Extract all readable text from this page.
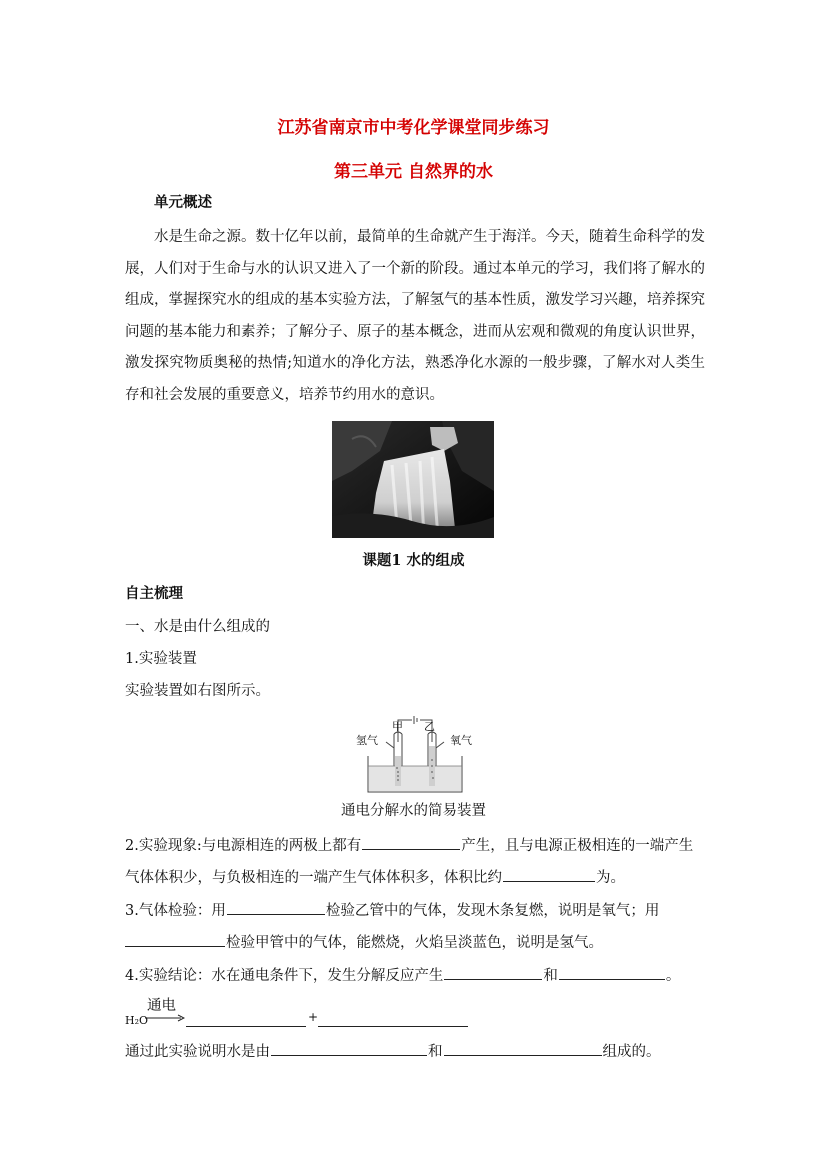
江苏省南京市中考化学课堂同步练习
第三单元 自然界的水
单元概述
水是生命之源。数十亿年以前，最简单的生命就产生于海洋。今天，随着生命科学的发展，人们对于生命与水的认识又进入了一个新的阶段。通过本单元的学习，我们将了解水的组成，掌握探究水的组成的基本实验方法，了解氢气的基本性质，激发学习兴趣，培养探究问题的基本能力和素养；了解分子、原子的基本概念，进而从宏观和微观的角度认识世界，激发探究物质奥秘的热情;知道水的净化方法，熟悉净化水源的一般步骤，了解水对人类生存和社会发展的重要意义，培养节约用水的意识。
课题1 水的组成
自主梳理
一、水是由什么组成的
1.实验装置
实验装置如右图所示。
氢气	氧气
甲 乙
通电分解水的简易装置
2.实验现象:与电源相连的两极上都有	产生，且与电源正极相连的一端产生
气体体积少，与负极相连的一端产生气体体积多，体积比约	为。
3.气体检验：用	检验乙管中的气体，发现木条复燃，说明是氧气；用
检验甲管中的气体，能燃烧，火焰呈淡蓝色，说明是氢气。
4.实验结论：水在通电条件下，发生分解反应产生	和	。
H₂O
通电
+
通过此实验说明水是由	和	组成的。
